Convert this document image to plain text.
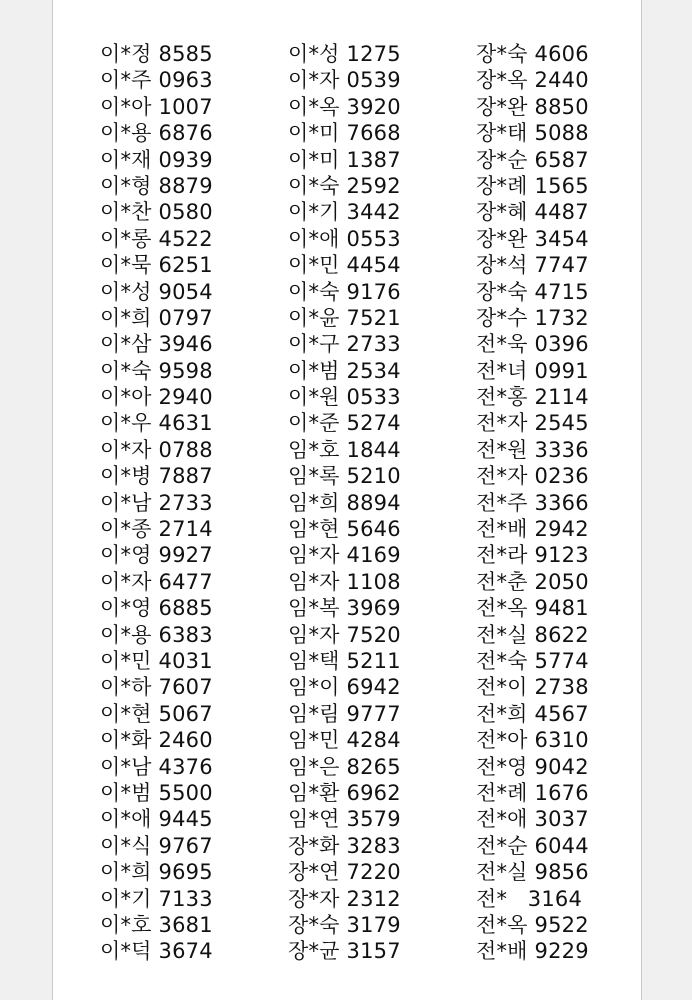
이*정 8585
이*주 0963
이*아 1007
이*용 6876
이*재 0939
이*형 8879
이*찬 0580
이*롱 4522
이*묵 6251
이*성 9054
이*희 0797
이*삼 3946
이*숙 9598
이*아 2940
이*우 4631
이*자 0788
이*병 7887
이*남 2733
이*종 2714
이*영 9927
이*자 6477
이*영 6885
이*용 6383
이*민 4031
이*하 7607
이*현 5067
이*화 2460
이*남 4376
이*범 5500
이*애 9445
이*식 9767
이*희 9695
이*기 7133
이*호 3681
이*덕 3674
이*성 1275
이*자 0539
이*옥 3920
이*미 7668
이*미 1387
이*숙 2592
이*기 3442
이*애 0553
이*민 4454
이*숙 9176
이*윤 7521
이*구 2733
이*범 2534
이*원 0533
이*준 5274
임*호 1844
임*록 5210
임*희 8894
임*현 5646
임*자 4169
임*자 1108
임*복 3969
임*자 7520
임*택 5211
임*이 6942
임*림 9777
임*민 4284
임*은 8265
임*환 6962
임*연 3579
장*화 3283
장*연 7220
장*자 2312
장*숙 3179
장*균 3157
장*숙 4606
장*옥 2440
장*완 8850
장*태 5088
장*순 6587
장*례 1565
장*혜 4487
장*완 3454
장*석 7747
장*숙 4715
장*수 1732
전*욱 0396
전*녀 0991
전*홍 2114
전*자 2545
전*원 3336
전*자 0236
전*주 3366
전*배 2942
전*라 9123
전*춘 2050
전*옥 9481
전*실 8622
전*숙 5774
전*이 2738
전*희 4567
전*아 6310
전*영 9042
전*례 1676
전*애 3037
전*순 6044
전*실 9856
전*   3164
전*옥 9522
전*배 9229
